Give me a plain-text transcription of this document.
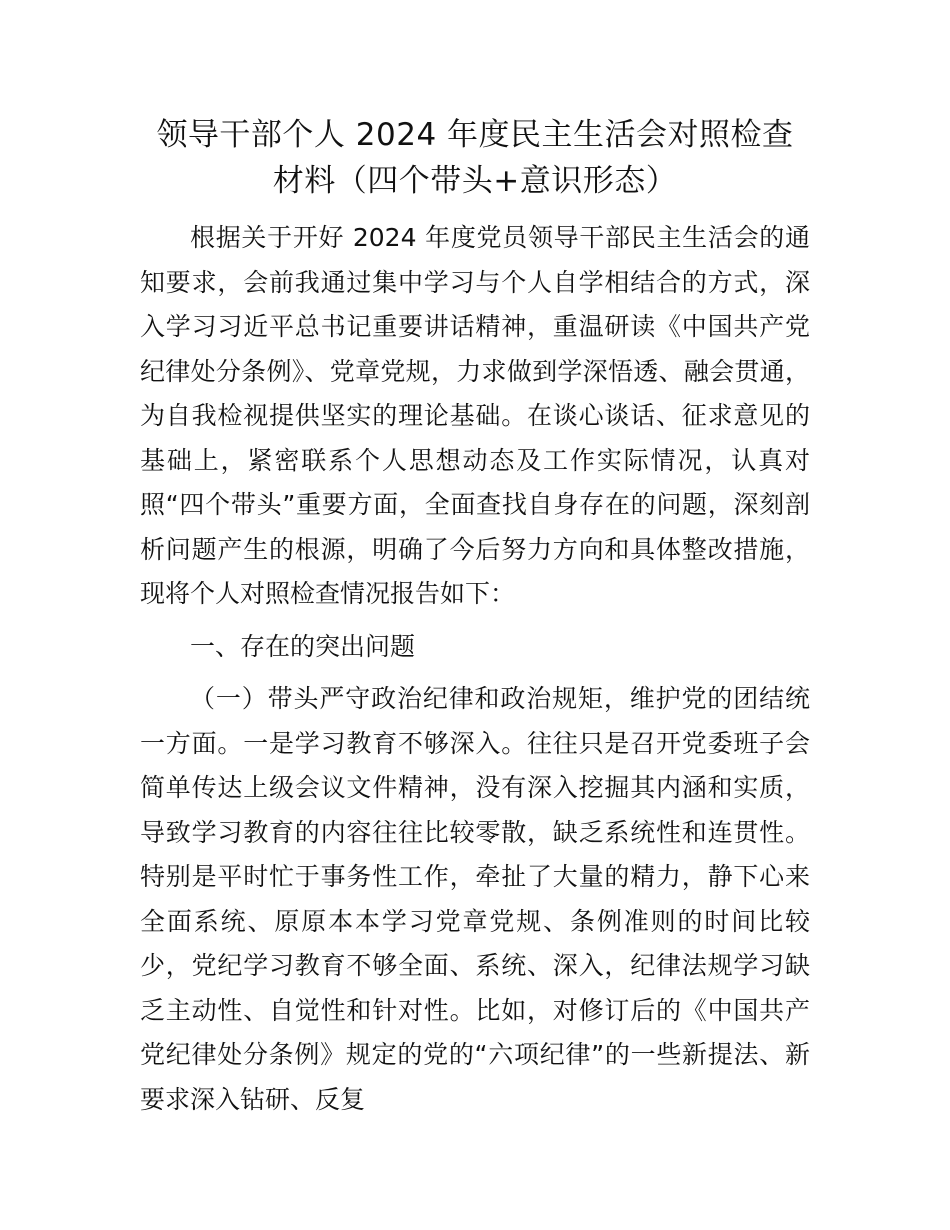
领导干部个人 2024 年度民主生活会对照检查
材料（四个带头+意识形态）

根据关于开好 2024 年度党员领导干部民主生活会的通知要求，会前我通过集中学习与个人自学相结合的方式，深入学习习近平总书记重要讲话精神，重温研读《中国共产党纪律处分条例》、党章党规，力求做到学深悟透、融会贯通，为自我检视提供坚实的理论基础。在谈心谈话、征求意见的基础上，紧密联系个人思想动态及工作实际情况，认真对照“四个带头”重要方面，全面查找自身存在的问题，深刻剖析问题产生的根源，明确了今后努力方向和具体整改措施，现将个人对照检查情况报告如下：

一、存在的突出问题

（一）带头严守政治纪律和政治规矩，维护党的团结统一方面。一是学习教育不够深入。往往只是召开党委班子会简单传达上级会议文件精神，没有深入挖掘其内涵和实质，导致学习教育的内容往往比较零散，缺乏系统性和连贯性。特别是平时忙于事务性工作，牵扯了大量的精力，静下心来全面系统、原原本本学习党章党规、条例准则的时间比较少，党纪学习教育不够全面、系统、深入，纪律法规学习缺乏主动性、自觉性和针对性。比如，对修订后的《中国共产党纪律处分条例》规定的党的“六项纪律”的一些新提法、新要求深入钻研、反复
